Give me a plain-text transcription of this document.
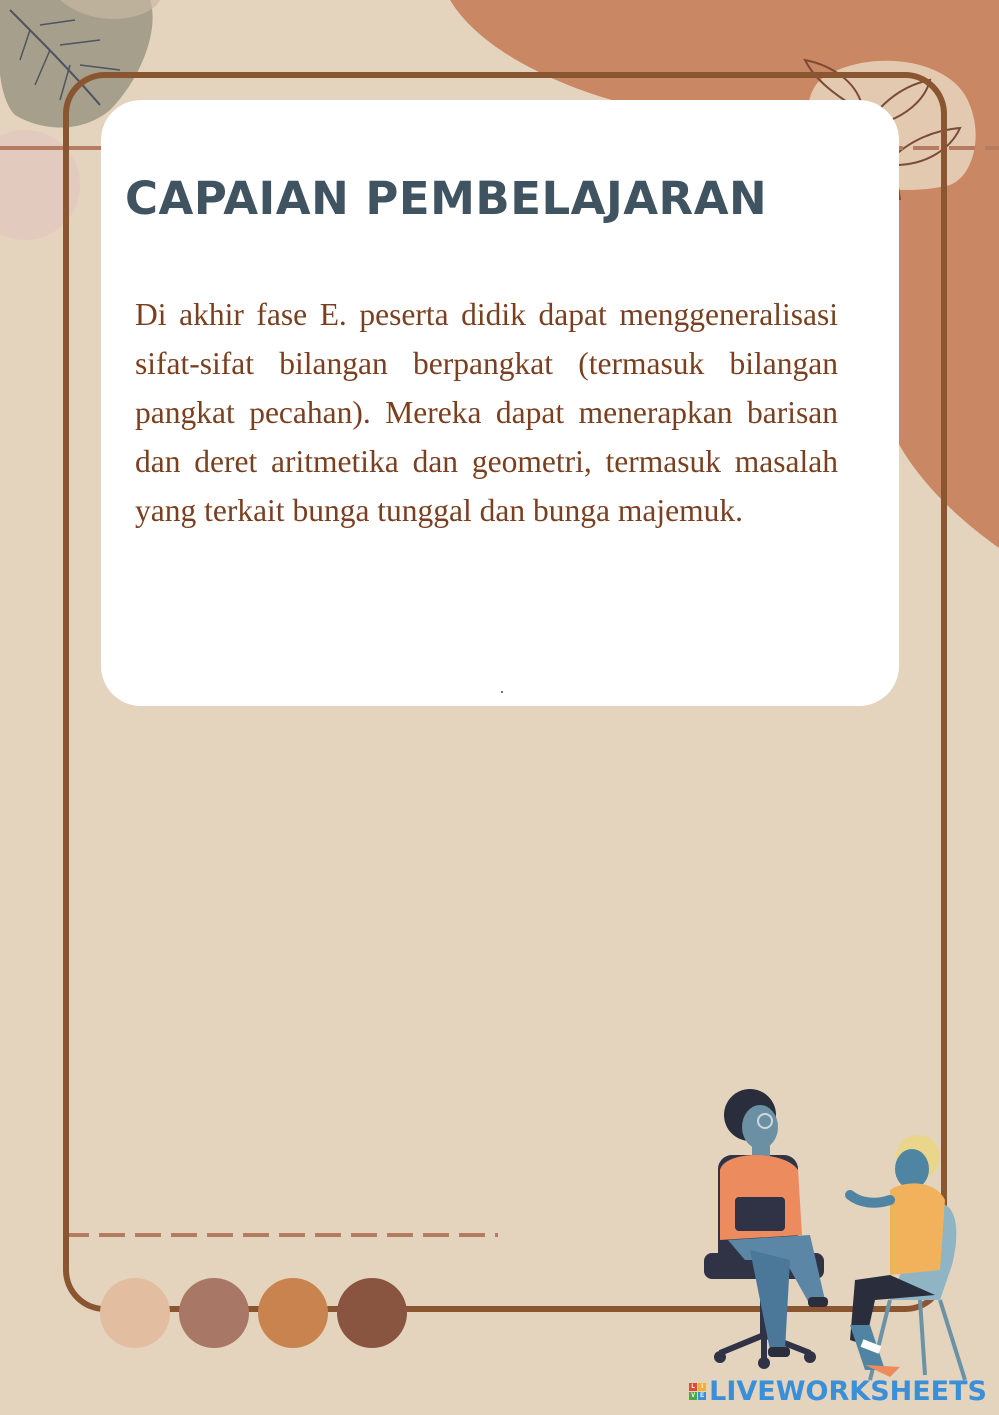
CAPAIAN PEMBELAJARAN
Di akhir fase E. peserta didik dapat menggeneralisasi sifat-sifat bilangan berpangkat (termasuk bilangan pangkat pecahan). Mereka dapat menerapkan barisan dan deret aritmetika dan geometri, termasuk masalah yang terkait bunga tunggal dan bunga majemuk.
.
L	I
V E LIVEWORKSHEETS
